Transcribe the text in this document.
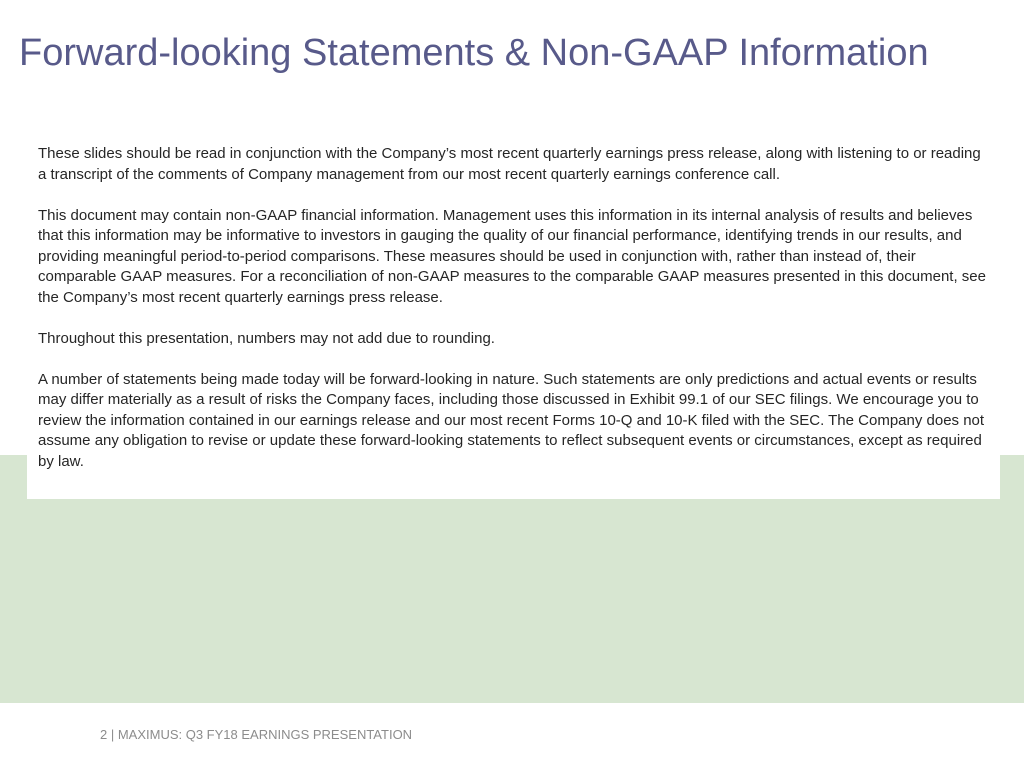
Forward-looking Statements & Non-GAAP Information

These slides should be read in conjunction with the Company’s most recent quarterly earnings press release, along with listening to or reading a transcript of the comments of Company management from our most recent quarterly earnings conference call.

This document may contain non-GAAP financial information. Management uses this information in its internal analysis of results and believes that this information may be informative to investors in gauging the quality of our financial performance, identifying trends in our results, and providing meaningful period-to-period comparisons. These measures should be used in conjunction with, rather than instead of, their comparable GAAP measures. For a reconciliation of non-GAAP measures to the comparable GAAP measures presented in this document, see the Company’s most recent quarterly earnings press release.

Throughout this presentation, numbers may not add due to rounding.

A number of statements being made today will be forward-looking in nature. Such statements are only predictions and actual events or results may differ materially as a result of risks the Company faces, including those discussed in Exhibit 99.1 of our SEC filings. We encourage you to review the information contained in our earnings release and our most recent Forms 10-Q and 10-K filed with the SEC. The Company does not assume any obligation to revise or update these forward-looking statements to reflect subsequent events or circumstances, except as required by law.

2 | MAXIMUS: Q3 FY18 EARNINGS PRESENTATION
